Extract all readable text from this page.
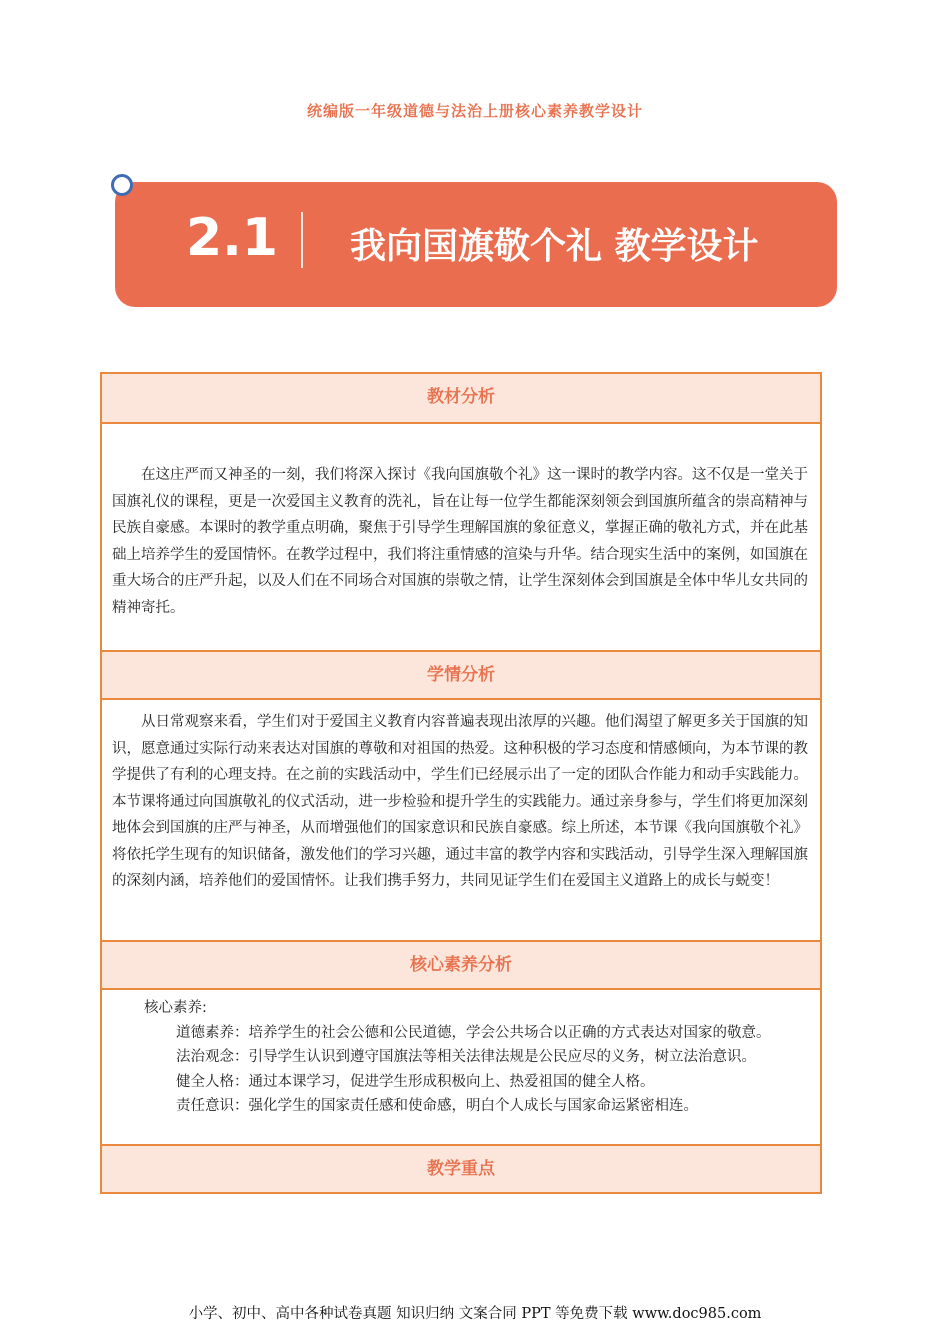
统编版一年级道德与法治上册核心素养教学设计
2.1 我向国旗敬个礼 教学设计
教材分析

在这庄严而又神圣的一刻，我们将深入探讨《我向国旗敬个礼》这一课时的教学内容。这不仅是一堂关于国旗礼仪的课程，更是一次爱国主义教育的洗礼，旨在让每一位学生都能深刻领会到国旗所蕴含的崇高精神与民族自豪感。本课时的教学重点明确，聚焦于引导学生理解国旗的象征意义，掌握正确的敬礼方式，并在此基础上培养学生的爱国情怀。在教学过程中，我们将注重情感的渲染与升华。结合现实生活中的案例，如国旗在重大场合的庄严升起，以及人们在不同场合对国旗的崇敬之情，让学生深刻体会到国旗是全体中华儿女共同的精神寄托。

学情分析

从日常观察来看，学生们对于爱国主义教育内容普遍表现出浓厚的兴趣。他们渴望了解更多关于国旗的知识，愿意通过实际行动来表达对国旗的尊敬和对祖国的热爱。这种积极的学习态度和情感倾向，为本节课的教学提供了有利的心理支持。在之前的实践活动中，学生们已经展示出了一定的团队合作能力和动手实践能力。本节课将通过向国旗敬礼的仪式活动，进一步检验和提升学生的实践能力。通过亲身参与，学生们将更加深刻地体会到国旗的庄严与神圣，从而增强他们的国家意识和民族自豪感。综上所述，本节课《我向国旗敬个礼》将依托学生现有的知识储备，激发他们的学习兴趣，通过丰富的教学内容和实践活动，引导学生深入理解国旗的深刻内涵，培养他们的爱国情怀。让我们携手努力，共同见证学生们在爱国主义道路上的成长与蜕变！

核心素养分析

核心素养:

道德素养：培养学生的社会公德和公民道德，学会公共场合以正确的方式表达对国家的敬意。

法治观念：引导学生认识到遵守国旗法等相关法律法规是公民应尽的义务，树立法治意识。

健全人格：通过本课学习，促进学生形成积极向上、热爱祖国的健全人格。

责任意识：强化学生的国家责任感和使命感，明白个人成长与国家命运紧密相连。

教学重点
小学、初中、高中各种试卷真题 知识归纳 文案合同 PPT 等免费下载 www.doc985.com
